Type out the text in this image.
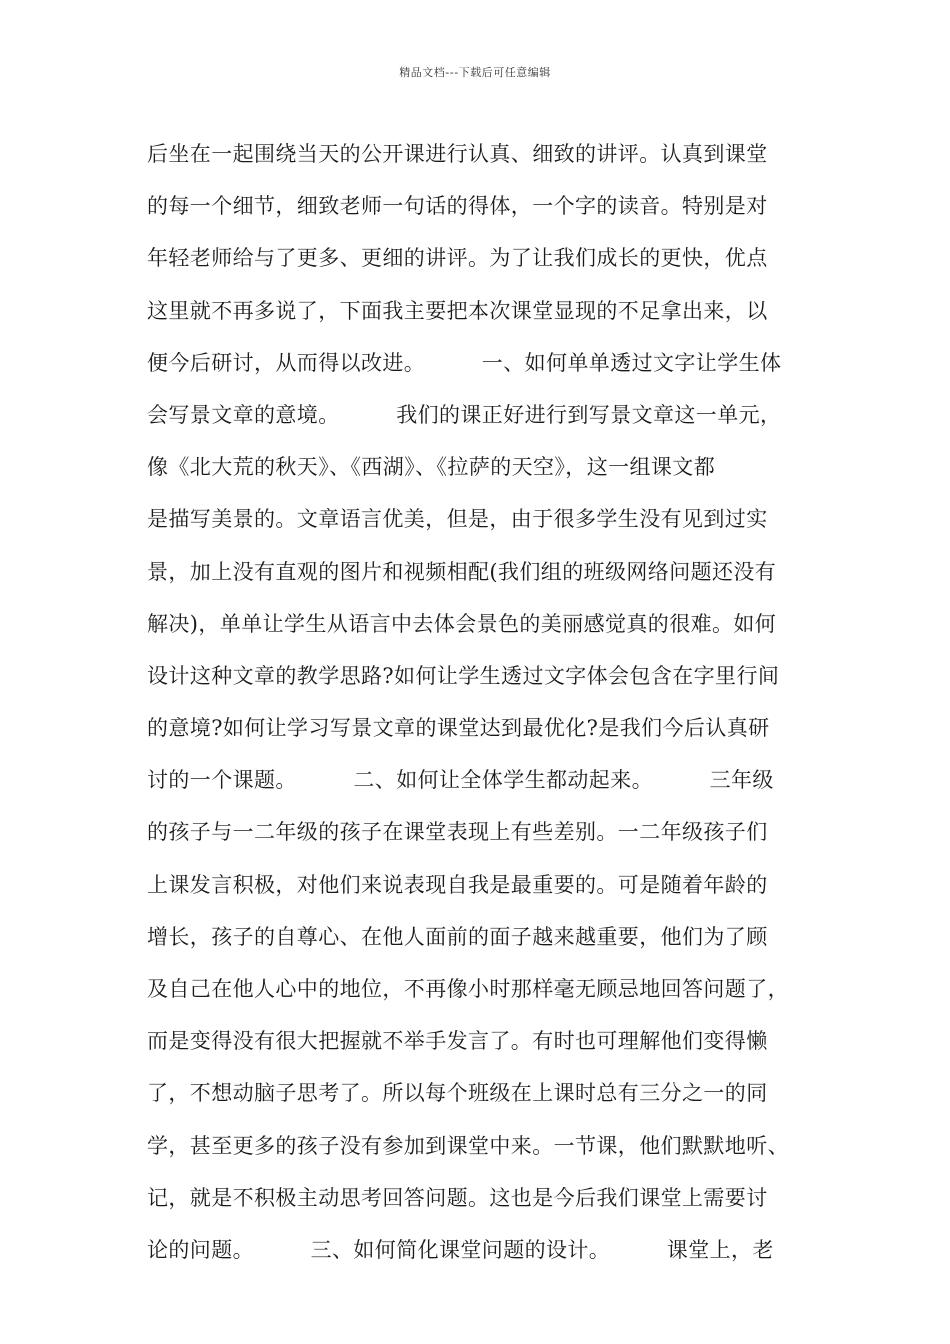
精品文档---下载后可任意编辑
后坐在一起围绕当天的公开课进行认真、细致的讲评。认真到课堂
的每一个细节，细致老师一句话的得体，一个字的读音。特别是对
年轻老师给与了更多、更细的讲评。为了让我们成长的更快，优点
这里就不再多说了，下面我主要把本次课堂显现的不足拿出来，以
便今后研讨，从而得以改进。        一、如何单单透过文字让学生体
会写景文章的意境。        我们的课正好进行到写景文章这一单元，
像《北大荒的秋天》、《西湖》、《拉萨的天空》，这一组课文都
是描写美景的。文章语言优美，但是，由于很多学生没有见到过实
景，加上没有直观的图片和视频相配(我们组的班级网络问题还没有
解决)，单单让学生从语言中去体会景色的美丽感觉真的很难。如何
设计这种文章的教学思路?如何让学生透过文字体会包含在字里行间
的意境?如何让学习写景文章的课堂达到最优化?是我们今后认真研
讨的一个课题。        二、如何让全体学生都动起来。        三年级
的孩子与一二年级的孩子在课堂表现上有些差别。一二年级孩子们
上课发言积极，对他们来说表现自我是最重要的。可是随着年龄的
增长，孩子的自尊心、在他人面前的面子越来越重要，他们为了顾
及自己在他人心中的地位，不再像小时那样毫无顾忌地回答问题了，
而是变得没有很大把握就不举手发言了。有时也可理解他们变得懒
了，不想动脑子思考了。所以每个班级在上课时总有三分之一的同
学，甚至更多的孩子没有参加到课堂中来。一节课，他们默默地听、
记，就是不积极主动思考回答问题。这也是今后我们课堂上需要讨
论的问题。        三、如何简化课堂问题的设计。        课堂上，老
